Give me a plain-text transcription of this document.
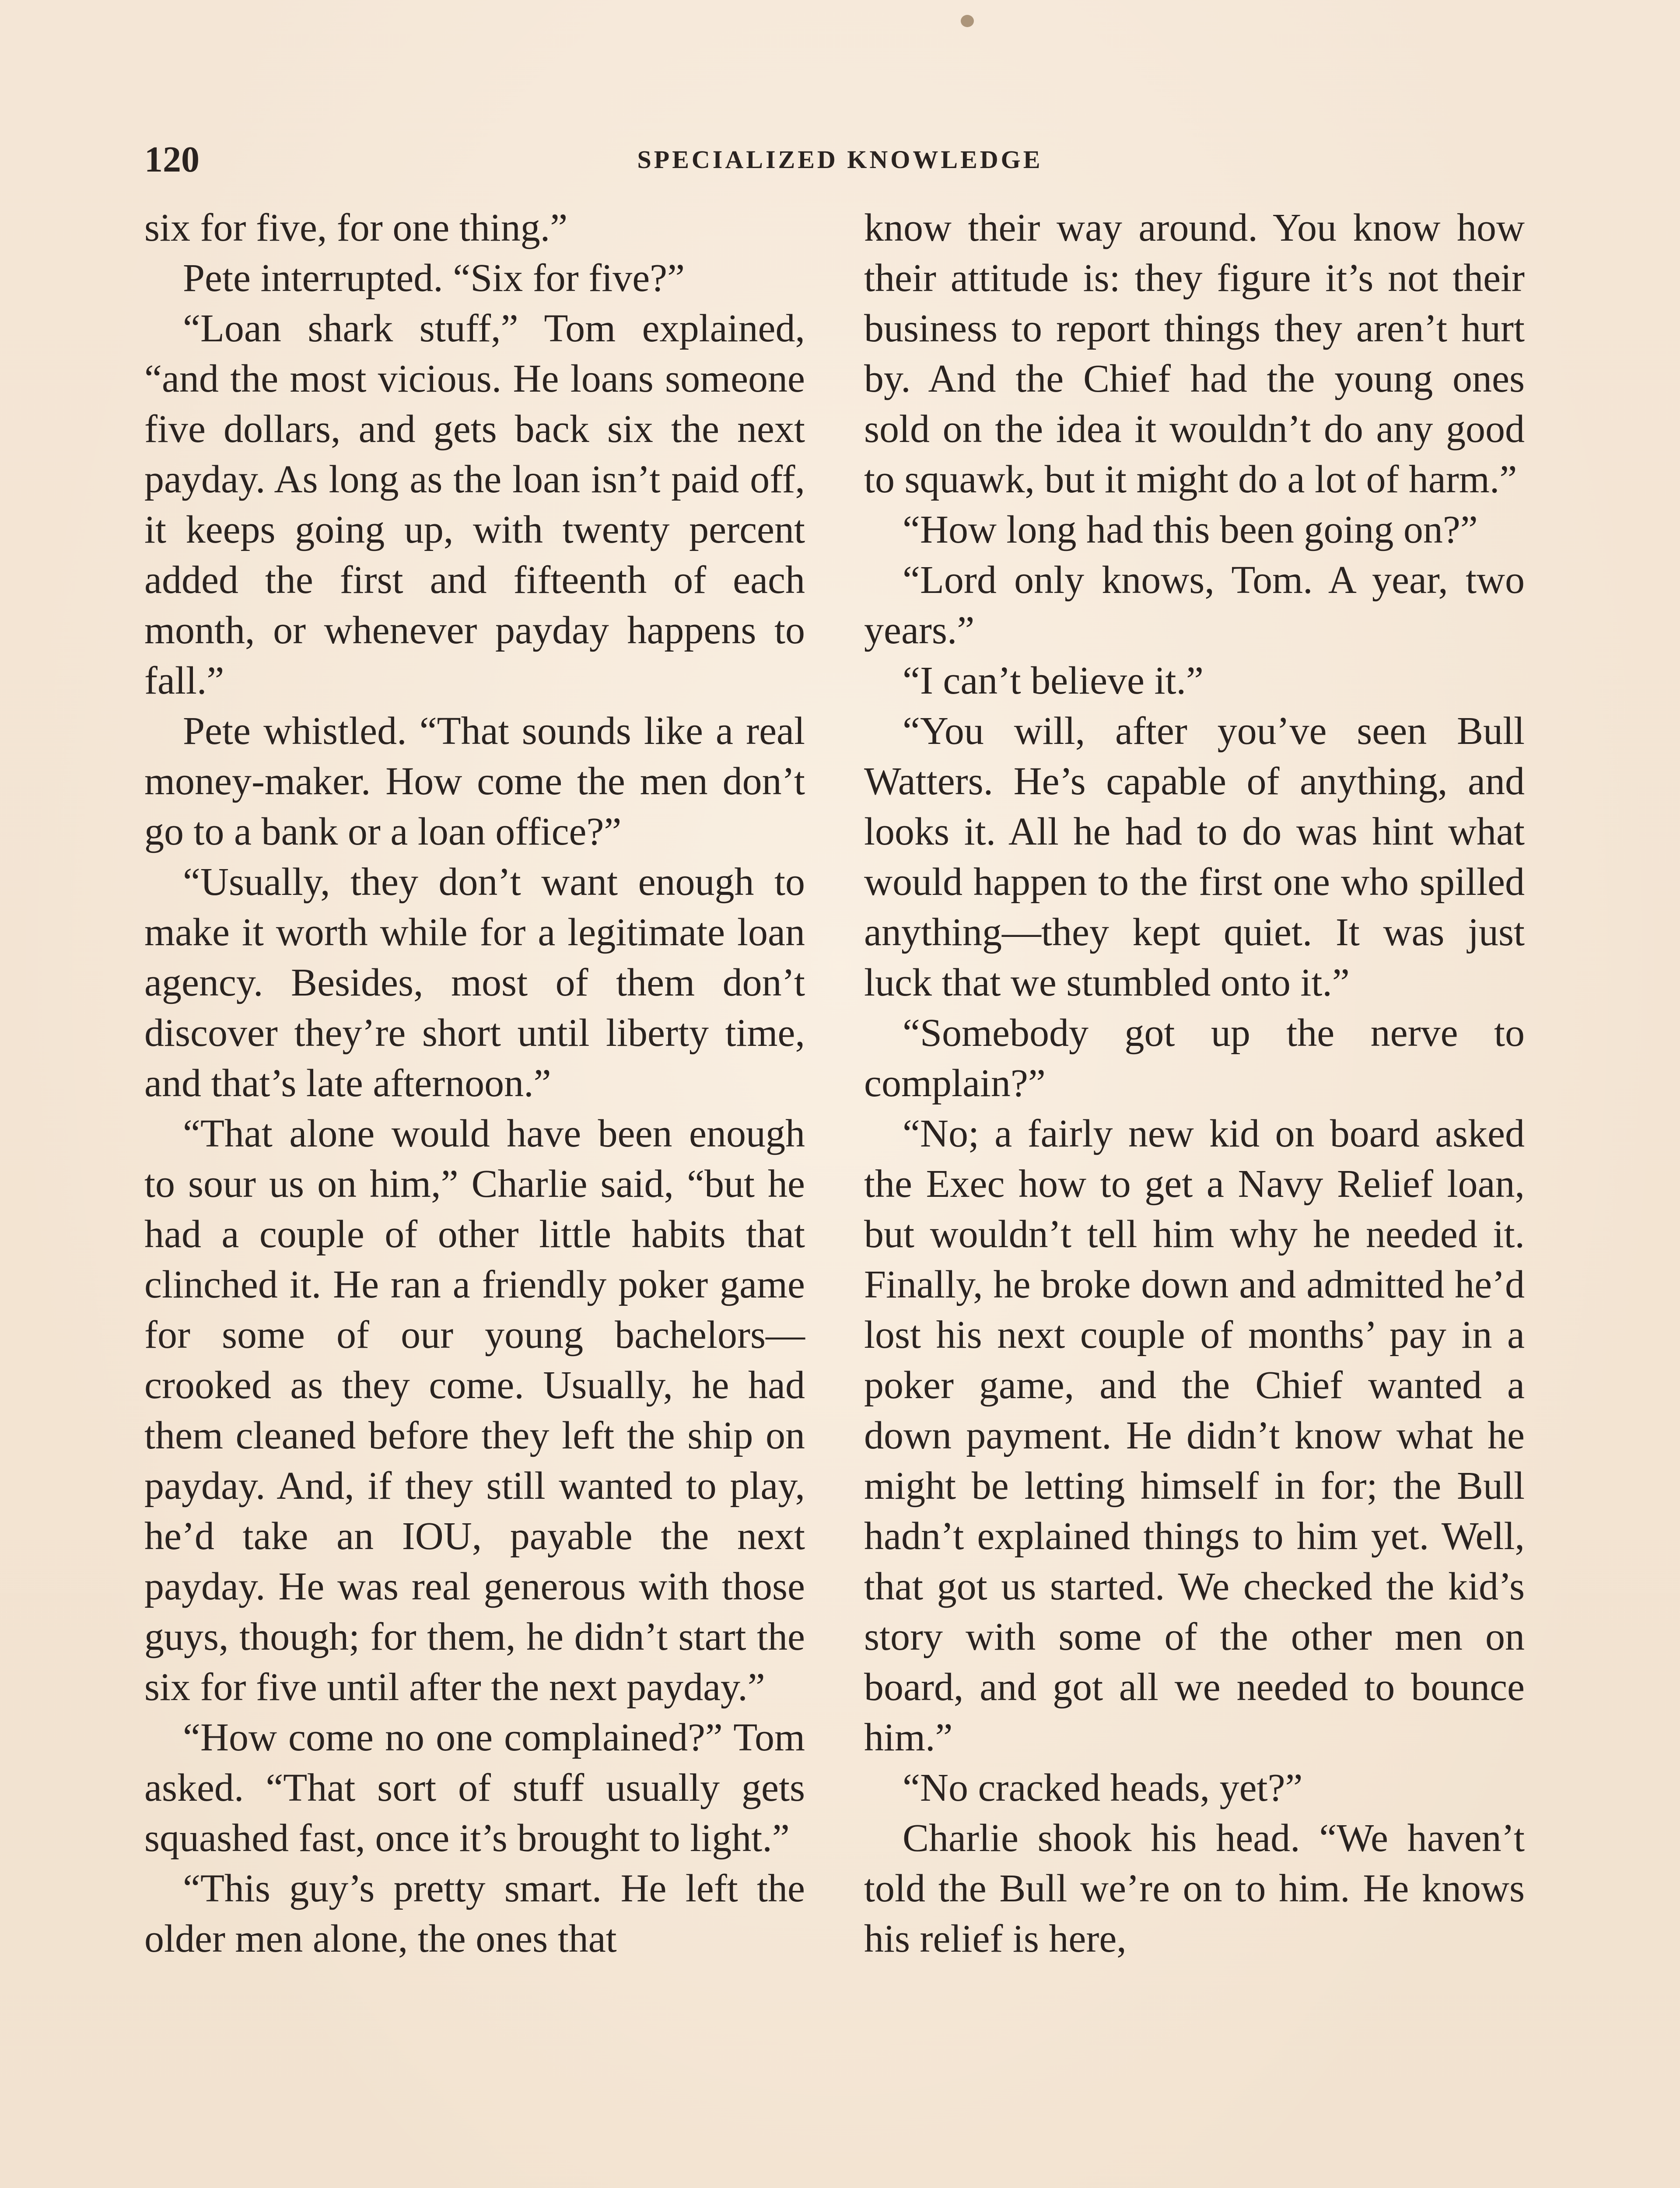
120	SPECIALIZED KNOWLEDGE

six for five, for one thing.”

Pete interrupted. “Six for five?”

“Loan shark stuff,” Tom explained, “and the most vicious. He loans someone five dollars, and gets back six the next payday. As long as the loan isn’t paid off, it keeps going up, with twenty percent added the first and fifteenth of each month, or whenever payday happens to fall.”

Pete whistled. “That sounds like a real money-maker. How come the men don’t go to a bank or a loan office?”

“Usually, they don’t want enough to make it worth while for a legitimate loan agency. Besides, most of them don’t discover they’re short until liberty time, and that’s late afternoon.”

“That alone would have been enough to sour us on him,” Charlie said, “but he had a couple of other little habits that clinched it. He ran a friendly poker game for some of our young bachelors—crooked as they come. Usually, he had them cleaned before they left the ship on payday. And, if they still wanted to play, he’d take an IOU, payable the next payday. He was real generous with those guys, though; for them, he didn’t start the six for five until after the next payday.”

“How come no one complained?” Tom asked. “That sort of stuff usually gets squashed fast, once it’s brought to light.”

“This guy’s pretty smart. He left the older men alone, the ones that

know their way around. You know how their attitude is: they figure it’s not their business to report things they aren’t hurt by. And the Chief had the young ones sold on the idea it wouldn’t do any good to squawk, but it might do a lot of harm.”

“How long had this been going on?”

“Lord only knows, Tom. A year, two years.”

“I can’t believe it.”

“You will, after you’ve seen Bull Watters. He’s capable of anything, and looks it. All he had to do was hint what would happen to the first one who spilled anything—they kept quiet. It was just luck that we stumbled onto it.”

“Somebody got up the nerve to complain?”

“No; a fairly new kid on board asked the Exec how to get a Navy Relief loan, but wouldn’t tell him why he needed it. Finally, he broke down and admitted he’d lost his next couple of months’ pay in a poker game, and the Chief wanted a down payment. He didn’t know what he might be letting himself in for; the Bull hadn’t explained things to him yet. Well, that got us started. We checked the kid’s story with some of the other men on board, and got all we needed to bounce him.”

“No cracked heads, yet?”

Charlie shook his head. “We haven’t told the Bull we’re on to him. He knows his relief is here,
